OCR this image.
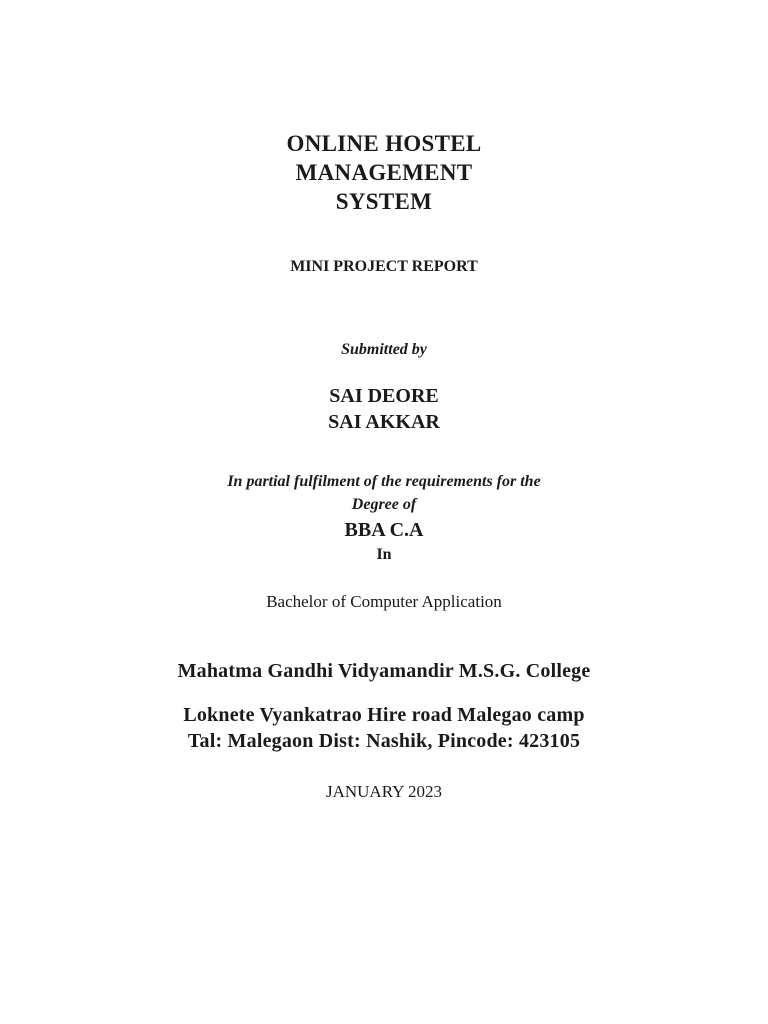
ONLINE HOSTEL
MANAGEMENT
SYSTEM
MINI PROJECT REPORT
Submitted by
SAI DEORE
SAI AKKAR
In partial fulfilment of the requirements for the
Degree of
BBA C.A
In
Bachelor of Computer Application
Mahatma Gandhi Vidyamandir M.S.G. College
Loknete Vyankatrao Hire road Malegao camp
Tal: Malegaon Dist: Nashik, Pincode: 423105
JANUARY 2023
